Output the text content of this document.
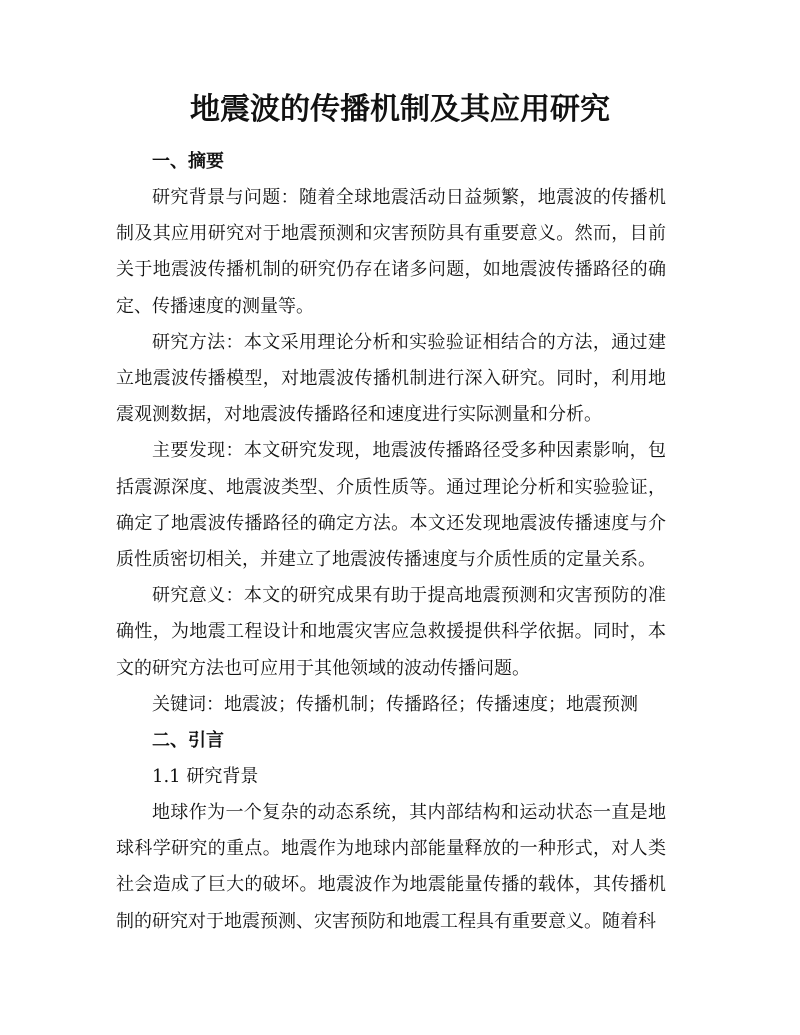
地震波的传播机制及其应用研究

一、摘要

研究背景与问题：随着全球地震活动日益频繁，地震波的传播机制及其应用研究对于地震预测和灾害预防具有重要意义。然而，目前关于地震波传播机制的研究仍存在诸多问题，如地震波传播路径的确定、传播速度的测量等。

研究方法：本文采用理论分析和实验验证相结合的方法，通过建立地震波传播模型，对地震波传播机制进行深入研究。同时，利用地震观测数据，对地震波传播路径和速度进行实际测量和分析。

主要发现：本文研究发现，地震波传播路径受多种因素影响，包括震源深度、地震波类型、介质性质等。通过理论分析和实验验证，确定了地震波传播路径的确定方法。本文还发现地震波传播速度与介质性质密切相关，并建立了地震波传播速度与介质性质的定量关系。

研究意义：本文的研究成果有助于提高地震预测和灾害预防的准确性，为地震工程设计和地震灾害应急救援提供科学依据。同时，本文的研究方法也可应用于其他领域的波动传播问题。

关键词：地震波；传播机制；传播路径；传播速度；地震预测

二、引言

1.1 研究背景

地球作为一个复杂的动态系统，其内部结构和运动状态一直是地球科学研究的重点。地震作为地球内部能量释放的一种形式，对人类社会造成了巨大的破坏。地震波作为地震能量传播的载体，其传播机制的研究对于地震预测、灾害预防和地震工程具有重要意义。随着科
